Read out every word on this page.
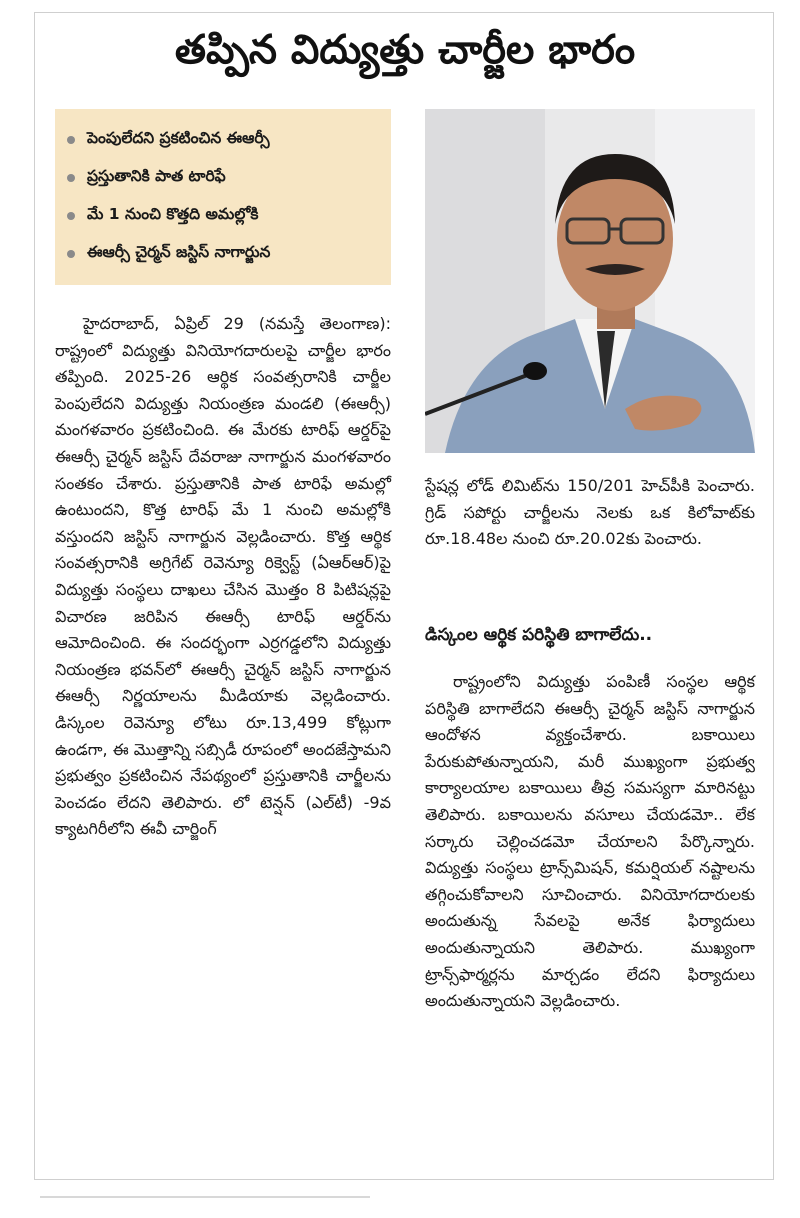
తప్పిన విద్యుత్తు చార్జీల భారం
పెంపులేదని ప్రకటించిన ఈఆర్సీ
ప్రస్తుతానికి పాత టారిఫే
మే 1 నుంచి కొత్తది అమల్లోకి
ఈఆర్సీ చైర్మన్ జస్టిస్ నాగార్జున

హైదరాబాద్, ఏప్రిల్ 29 (నమస్తే తెలంగాణ): రాష్ట్రంలో విద్యుత్తు వినియోగదారులపై చార్జీల భారం తప్పింది. 2025-26 ఆర్థిక సంవత్సరానికి చార్జీల పెంపులేదని విద్యుత్తు నియంత్రణ మండలి (ఈఆర్సీ) మంగళవారం ప్రకటించింది. ఈ మేరకు టారిఫ్ ఆర్డర్‌పై ఈఆర్సీ చైర్మన్ జస్టిస్ దేవరాజు నాగార్జున మంగళవారం సంతకం చేశారు. ప్రస్తుతానికి పాత టారిఫే అమల్లో ఉంటుందని, కొత్త టారిఫ్ మే 1 నుంచి అమల్లోకి వస్తుందని జస్టిస్ నాగార్జున వెల్లడించారు. కొత్త ఆర్థిక సంవత్సరానికి అగ్రిగేట్ రెవెన్యూ రిక్వెస్ట్ (ఏఆర్ఆర్)పై విద్యుత్తు సంస్థలు దాఖలు చేసిన మొత్తం 8 పిటిషన్లపై విచారణ జరిపిన ఈఆర్సీ టారిఫ్ ఆర్డర్‌ను ఆమోదించింది. ఈ సందర్భంగా ఎర్రగడ్డలోని విద్యుత్తు నియంత్రణ భవన్‌లో ఈఆర్సీ చైర్మన్ జస్టిస్ నాగార్జున ఈఆర్సీ నిర్ణయాలను మీడియాకు వెల్లడించారు. డిస్కంల రెవెన్యూ లోటు రూ.13,499 కోట్లుగా ఉండగా, ఈ మొత్తాన్ని సబ్సిడీ రూపంలో అందజేస్తామని ప్రభుత్వం ప్రకటించిన నేపథ్యంలో ప్రస్తుతానికి చార్జీలను పెంచడం లేదని తెలిపారు. లో టెన్షన్ (ఎల్‌టీ) -9వ క్యాటగిరీలోని ఈవీ చార్జింగ్

స్టేషన్ల లోడ్ లిమిట్‌ను 150/201 హెచ్‌పీకి పెంచారు. గ్రిడ్ సపోర్టు చార్జీలను నెలకు ఒక కిలోవాట్‌కు రూ.18.48ల నుంచి రూ.20.02కు పెంచారు.

డిస్కంల ఆర్థిక పరిస్థితి బాగాలేదు..

రాష్ట్రంలోని విద్యుత్తు పంపిణీ సంస్థల ఆర్థిక పరిస్థితి బాగాలేదని ఈఆర్సీ చైర్మన్ జస్టిస్ నాగార్జున ఆందోళన వ్యక్తంచేశారు. బకాయిలు పేరుకుపోతున్నాయని, మరీ ముఖ్యంగా ప్రభుత్వ కార్యాలయాల బకాయిలు తీవ్ర సమస్యగా మారినట్టు తెలిపారు. బకాయిలను వసూలు చేయడమో.. లేక సర్కారు చెల్లించడమో చేయాలని పేర్కొన్నారు. విద్యుత్తు సంస్థలు ట్రాన్స్‌మిషన్, కమర్షియల్ నష్టాలను తగ్గించుకోవాలని సూచించారు. వినియోగదారులకు అందుతున్న సేవలపై అనేక ఫిర్యాదులు అందుతున్నాయని తెలిపారు. ముఖ్యంగా ట్రాన్స్‌ఫార్మర్లను మార్చడం లేదని ఫిర్యాదులు అందుతున్నాయని వెల్లడించారు.
